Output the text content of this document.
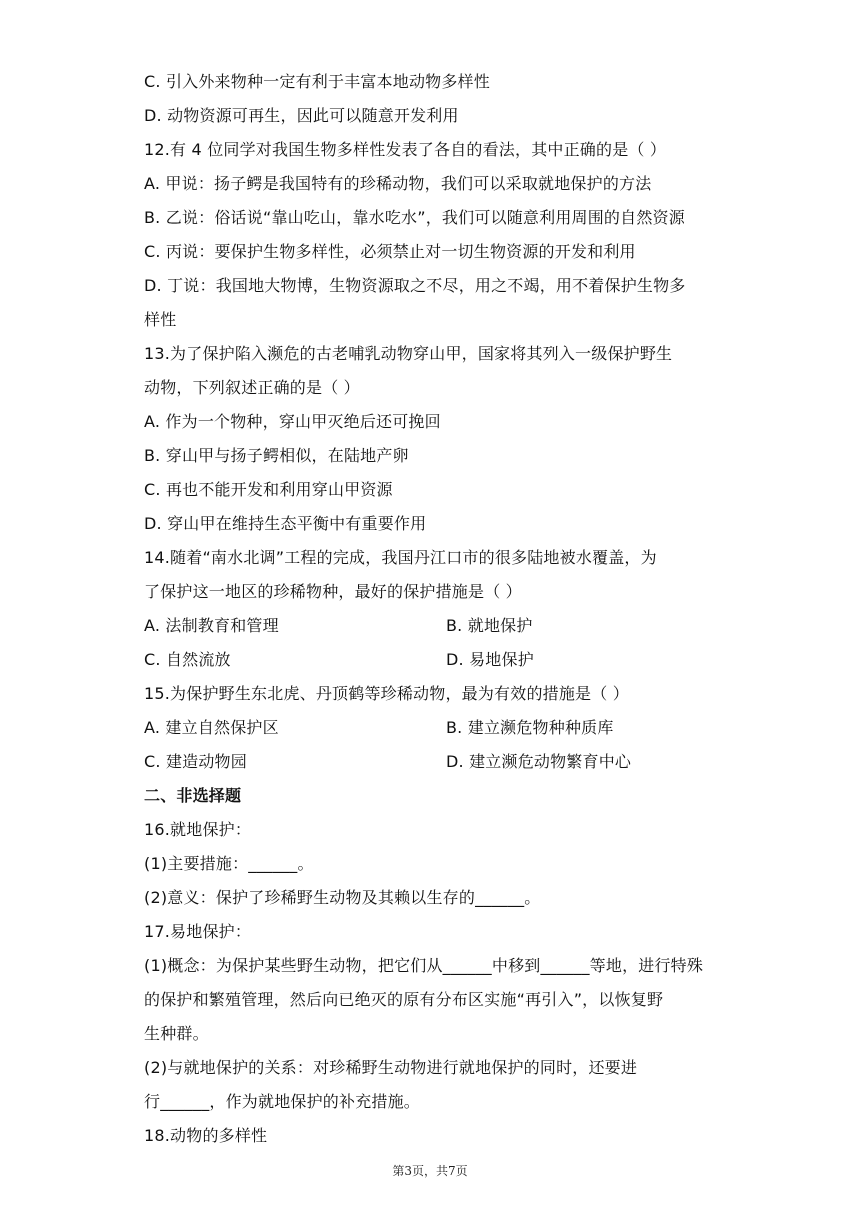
C. 引入外来物种一定有利于丰富本地动物多样性
D. 动物资源可再生，因此可以随意开发利用
12.有 4 位同学对我国生物多样性发表了各自的看法，其中正确的是（ ）
A. 甲说：扬子鳄是我国特有的珍稀动物，我们可以采取就地保护的方法
B. 乙说：俗话说“靠山吃山，靠水吃水”，我们可以随意利用周围的自然资源
C. 丙说：要保护生物多样性，必须禁止对一切生物资源的开发和利用
D. 丁说：我国地大物博，生物资源取之不尽，用之不竭，用不着保护生物多
样性
13.为了保护陷入濒危的古老哺乳动物穿山甲，国家将其列入一级保护野生
动物，下列叙述正确的是（ ）
A. 作为一个物种，穿山甲灭绝后还可挽回
B. 穿山甲与扬子鳄相似，在陆地产卵
C. 再也不能开发和利用穿山甲资源
D. 穿山甲在维持生态平衡中有重要作用
14.随着“南水北调”工程的完成，我国丹江口市的很多陆地被水覆盖，为
了保护这一地区的珍稀物种，最好的保护措施是（ ）
A. 法制教育和管理	B. 就地保护
C. 自然流放	D. 易地保护
15.为保护野生东北虎、丹顶鹤等珍稀动物，最为有效的措施是（ ）
A. 建立自然保护区	B. 建立濒危物种种质库
C. 建造动物园	D. 建立濒危动物繁育中心
二、非选择题
16.就地保护：
(1)主要措施：______。
(2)意义：保护了珍稀野生动物及其赖以生存的______。
17.易地保护：
(1)概念：为保护某些野生动物，把它们从______中移到______等地，进行特殊
的保护和繁殖管理，然后向已绝灭的原有分布区实施“再引入”，以恢复野
生种群。
(2)与就地保护的关系：对珍稀野生动物进行就地保护的同时，还要进
行______，作为就地保护的补充措施。
18.动物的多样性
第3页，共7页
